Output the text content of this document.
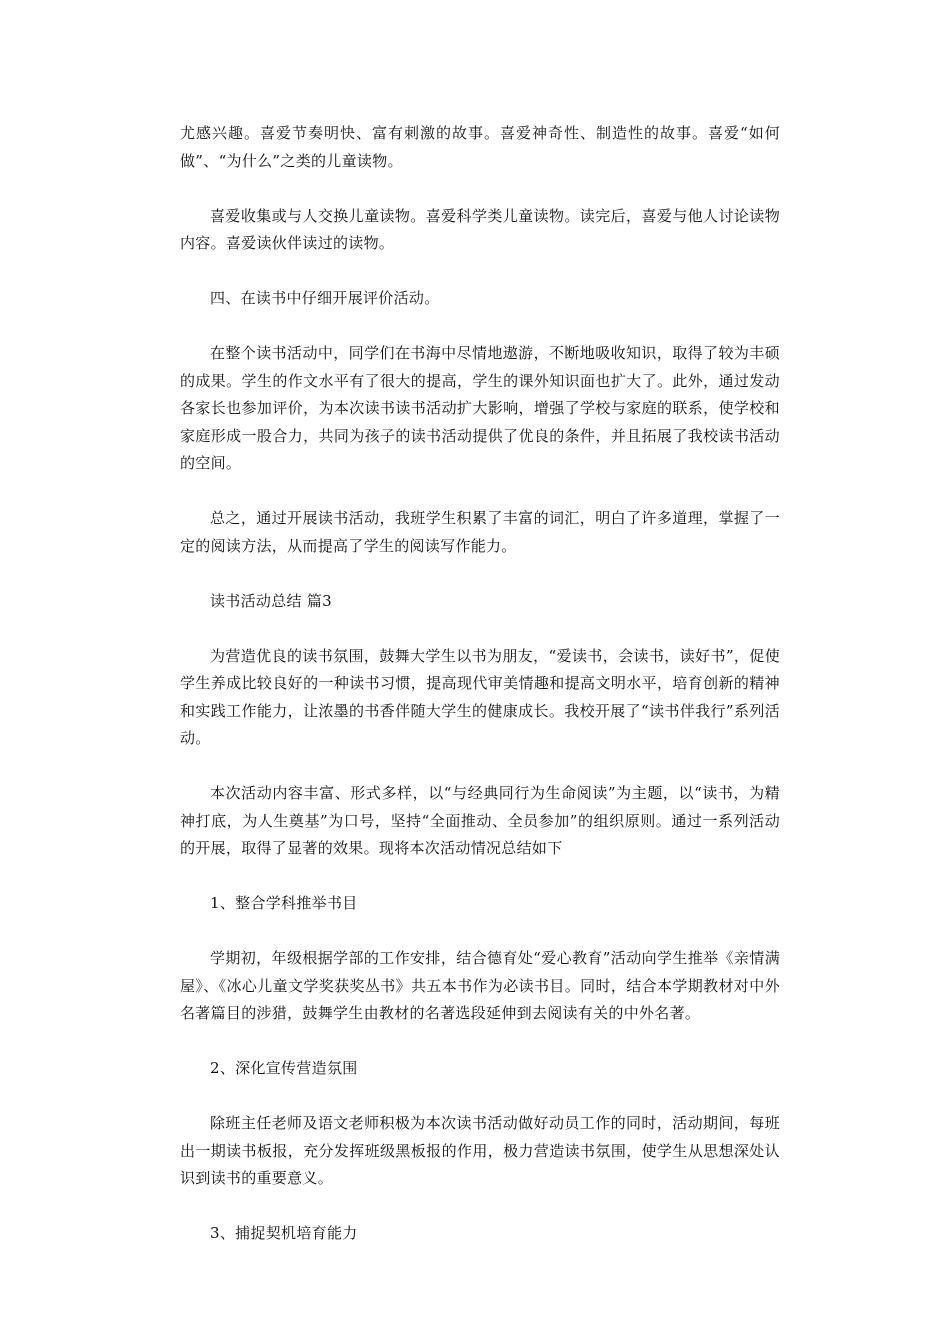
尤感兴趣。喜爱节奏明快、富有刺激的故事。喜爱神奇性、制造性的故事。喜爱“如何做”、“为什么”之类的儿童读物。

喜爱收集或与人交换儿童读物。喜爱科学类儿童读物。读完后，喜爱与他人讨论读物内容。喜爱读伙伴读过的读物。

四、在读书中仔细开展评价活动。

在整个读书活动中，同学们在书海中尽情地遨游，不断地吸收知识，取得了较为丰硕的成果。学生的作文水平有了很大的提高，学生的课外知识面也扩大了。此外，通过发动各家长也参加评价，为本次读书读书活动扩大影响，增强了学校与家庭的联系，使学校和家庭形成一股合力，共同为孩子的读书活动提供了优良的条件，并且拓展了我校读书活动的空间。

总之，通过开展读书活动，我班学生积累了丰富的词汇，明白了许多道理，掌握了一定的阅读方法，从而提高了学生的阅读写作能力。

读书活动总结 篇3

为营造优良的读书氛围，鼓舞大学生以书为朋友，“爱读书，会读书，读好书”，促使学生养成比较良好的一种读书习惯，提高现代审美情趣和提高文明水平，培育创新的精神和实践工作能力，让浓墨的书香伴随大学生的健康成长。我校开展了“读书伴我行”系列活动。

本次活动内容丰富、形式多样，以“与经典同行为生命阅读”为主题，以“读书，为精神打底，为人生奠基”为口号，坚持“全面推动、全员参加”的组织原则。通过一系列活动的开展，取得了显著的效果。现将本次活动情况总结如下

1、整合学科推举书目

学期初，年级根据学部的工作安排，结合德育处“爱心教育”活动向学生推举《亲情满屋》、《冰心儿童文学奖获奖丛书》共五本书作为必读书目。同时，结合本学期教材对中外名著篇目的涉猎，鼓舞学生由教材的名著选段延伸到去阅读有关的中外名著。

2、深化宣传营造氛围

除班主任老师及语文老师积极为本次读书活动做好动员工作的同时，活动期间，每班出一期读书板报，充分发挥班级黑板报的作用，极力营造读书氛围，使学生从思想深处认识到读书的重要意义。

3、捕捉契机培育能力
